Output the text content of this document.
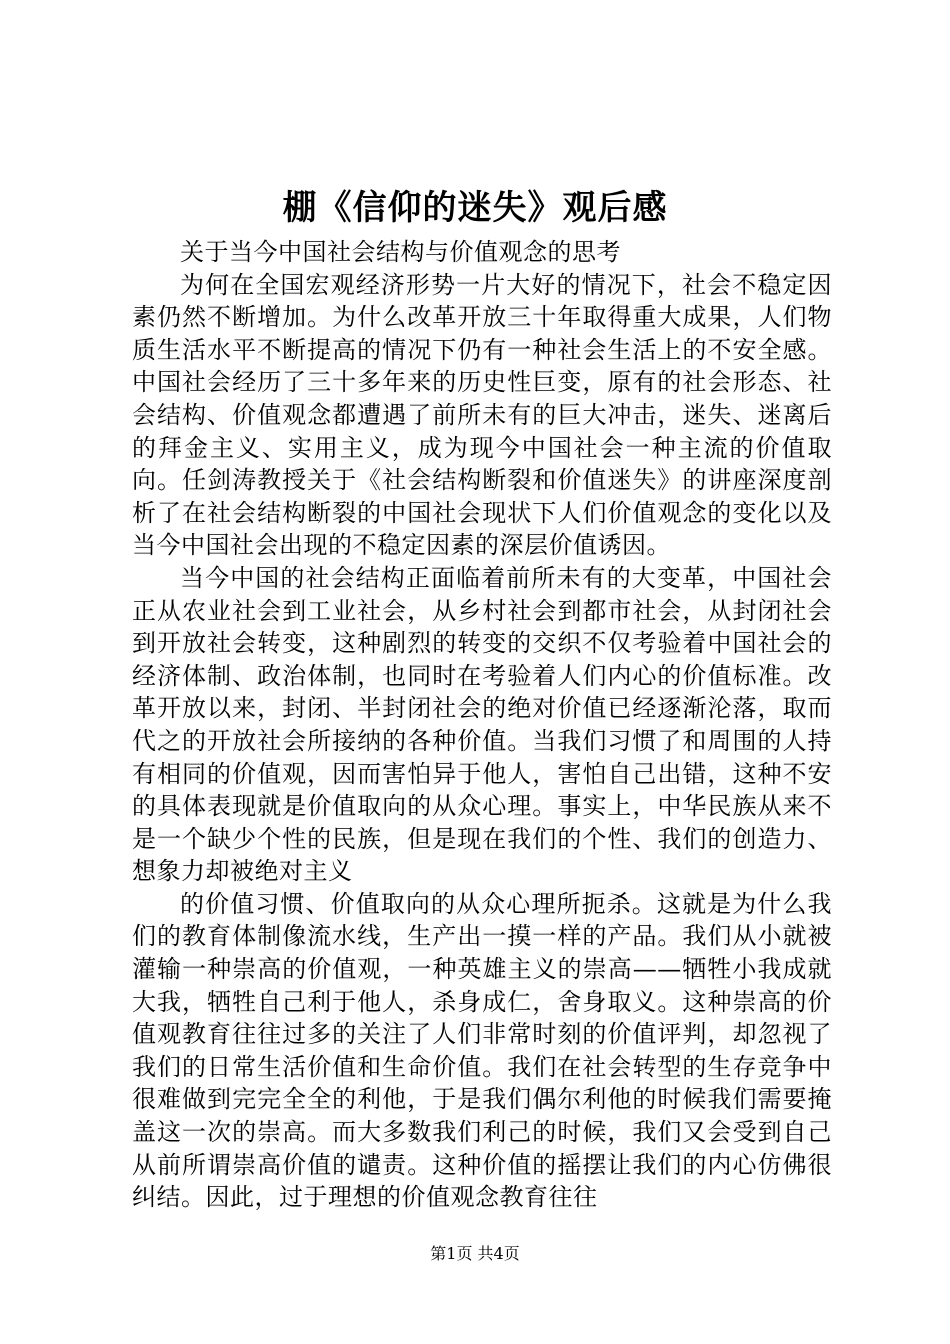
棚《信仰的迷失》观后感

关于当今中国社会结构与价值观念的思考

为何在全国宏观经济形势一片大好的情况下，社会不稳定因素仍然不断增加。为什么改革开放三十年取得重大成果，人们物质生活水平不断提高的情况下仍有一种社会生活上的不安全感。中国社会经历了三十多年来的历史性巨变，原有的社会形态、社会结构、价值观念都遭遇了前所未有的巨大冲击，迷失、迷离后的拜金主义、实用主义，成为现今中国社会一种主流的价值取向。任剑涛教授关于《社会结构断裂和价值迷失》的讲座深度剖析了在社会结构断裂的中国社会现状下人们价值观念的变化以及当今中国社会出现的不稳定因素的深层价值诱因。

当今中国的社会结构正面临着前所未有的大变革，中国社会正从农业社会到工业社会，从乡村社会到都市社会，从封闭社会到开放社会转变，这种剧烈的转变的交织不仅考验着中国社会的经济体制、政治体制，也同时在考验着人们内心的价值标准。改革开放以来，封闭、半封闭社会的绝对价值已经逐渐沦落，取而代之的开放社会所接纳的各种价值。当我们习惯了和周围的人持有相同的价值观，因而害怕异于他人，害怕自己出错，这种不安的具体表现就是价值取向的从众心理。事实上，中华民族从来不是一个缺少个性的民族，但是现在我们的个性、我们的创造力、想象力却被绝对主义

的价值习惯、价值取向的从众心理所扼杀。这就是为什么我们的教育体制像流水线，生产出一摸一样的产品。我们从小就被灌输一种崇高的价值观，一种英雄主义的崇高——牺牲小我成就大我，牺牲自己利于他人，杀身成仁，舍身取义。这种崇高的价值观教育往往过多的关注了人们非常时刻的价值评判，却忽视了我们的日常生活价值和生命价值。我们在社会转型的生存竞争中很难做到完完全全的利他，于是我们偶尔利他的时候我们需要掩盖这一次的崇高。而大多数我们利己的时候，我们又会受到自己从前所谓崇高价值的谴责。这种价值的摇摆让我们的内心仿佛很纠结。因此，过于理想的价值观念教育往往

第1页 共4页
